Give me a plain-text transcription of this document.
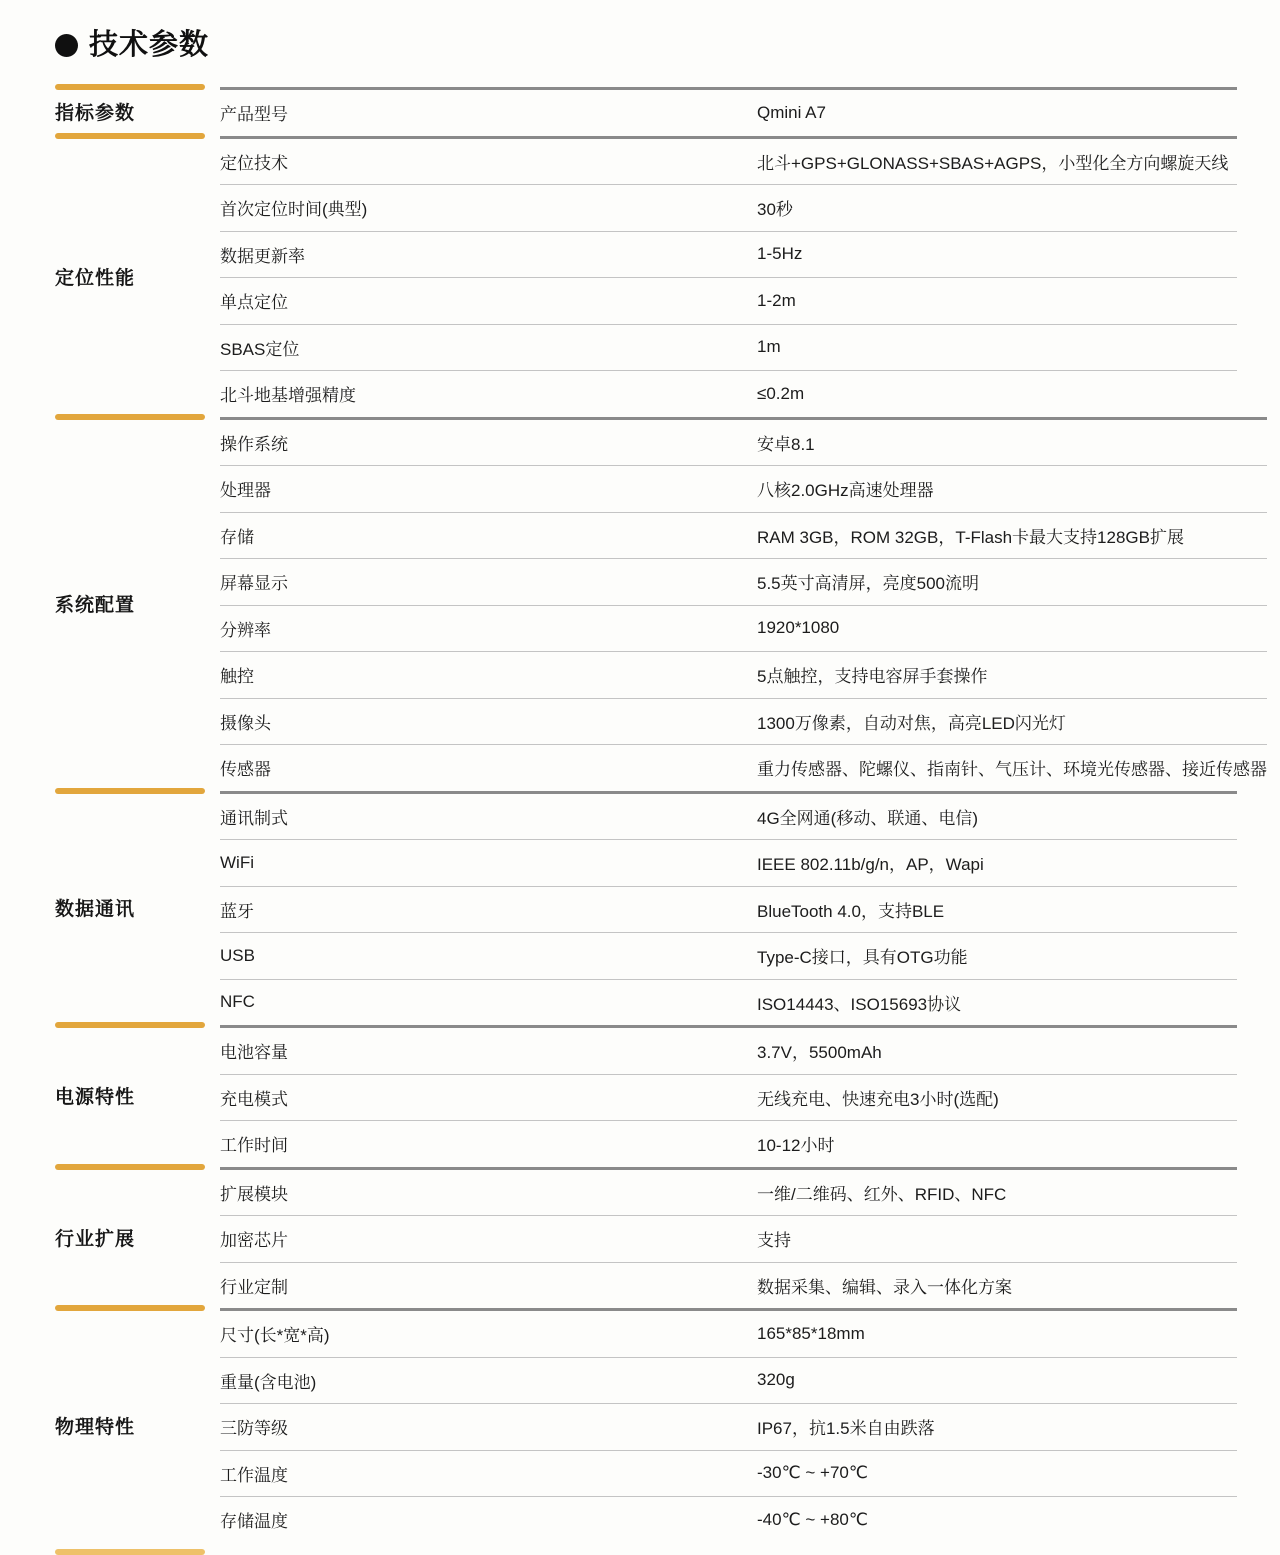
技术参数
指标参数	产品型号	Qmini A7
定位性能
定位技术	北斗+GPS+GLONASS+SBAS+AGPS，小型化全方向螺旋天线
首次定位时间(典型)	30秒
数据更新率	1-5Hz
单点定位	1-2m
SBAS定位	1m
北斗地基增强精度	≤0.2m
系统配置
操作系统	安卓8.1
处理器	八核2.0GHz高速处理器
存储	RAM 3GB，ROM 32GB，T-Flash卡最大支持128GB扩展
屏幕显示	5.5英寸高清屏，亮度500流明
分辨率	1920*1080
触控	5点触控，支持电容屏手套操作
摄像头	1300万像素，自动对焦，高亮LED闪光灯
传感器	重力传感器、陀螺仪、指南针、气压计、环境光传感器、接近传感器
数据通讯
通讯制式	4G全网通(移动、联通、电信)
WiFi	IEEE 802.11b/g/n，AP，Wapi
蓝牙	BlueTooth 4.0，支持BLE
USB	Type-C接口，具有OTG功能
NFC	ISO14443、ISO15693协议
电源特性
电池容量	3.7V，5500mAh
充电模式	无线充电、快速充电3小时(选配)
工作时间	10-12小时
行业扩展
扩展模块	一维/二维码、红外、RFID、NFC
加密芯片	支持
行业定制	数据采集、编辑、录入一体化方案
物理特性
尺寸(长*宽*高)	165*85*18mm
重量(含电池)	320g
三防等级	IP67，抗1.5米自由跌落
工作温度	-30℃ ~ +70℃
存储温度	-40℃ ~ +80℃
